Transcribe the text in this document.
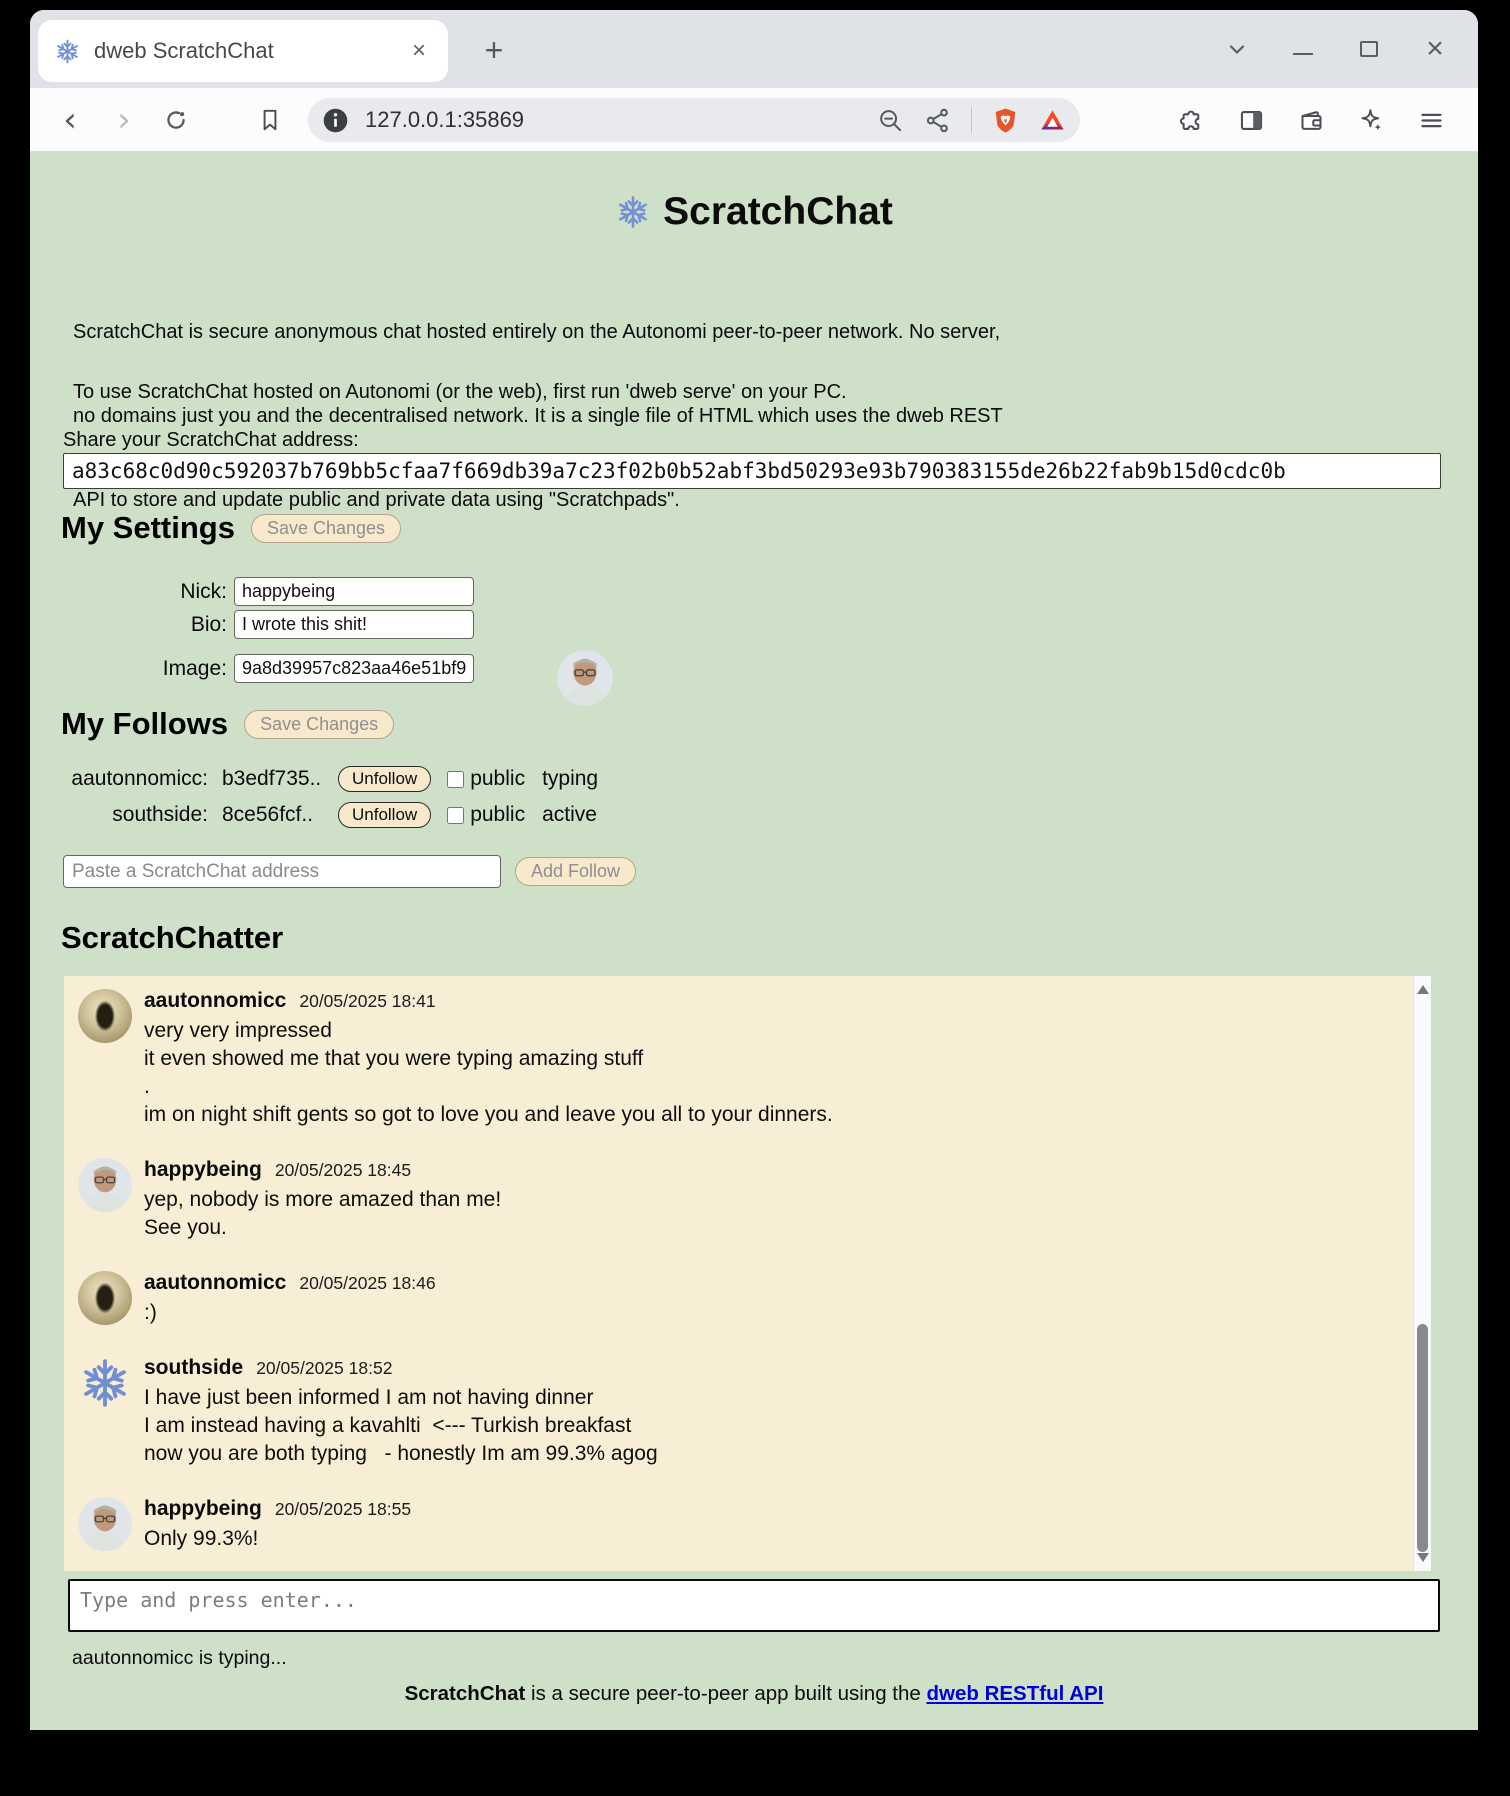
dweb ScratchChat	×	+	×
‹ ›	127.0.0.1:35869
ScratchChat

ScratchChat is secure anonymous chat hosted entirely on the Autonomi peer-to-peer network. No server,

no domains just you and the decentralised network. It is a single file of HTML which uses the dweb REST

API to store and update public and private data using "Scratchpads".

To use ScratchChat hosted on Autonomi (or the web), first run 'dweb serve' on your PC.
Share your ScratchChat address:
a83c68c0d90c592037b769bb5cfaa7f669db39a7c23f02b0b52abf3bd50293e93b790383155de26b22fab9b15d0cdc0b
My Settings	Save Changes
Nick:
happybeing
Bio:
I wrote this shit!
Image:
9a8d39957c823aa46e51bf920
My Follows	Save Changes
aautonnomicc: b3edf735..	Unfollow	public typing
southside: 8ce56fcf..	Unfollow	public active
Paste a ScratchChat address
Add Follow
ScratchChatter
aautonnomicc 20/05/2025 18:41
very very impressed
it even showed me that you were typing amazing stuff
.
im on night shift gents so got to love you and leave you all to your dinners.
happybeing 20/05/2025 18:45
yep, nobody is more amazed than me!
See you.
aautonnomicc 20/05/2025 18:46
:)
southside 20/05/2025 18:52
I have just been informed I am not having dinner
I am instead having a kavahlti  <--- Turkish breakfast
now you are both typing   - honestly Im am 99.3% agog
happybeing 20/05/2025 18:55
Only 99.3%!
Type and press enter...
aautonnomicc is typing...
ScratchChat is a secure peer-to-peer app built using the dweb RESTful API
